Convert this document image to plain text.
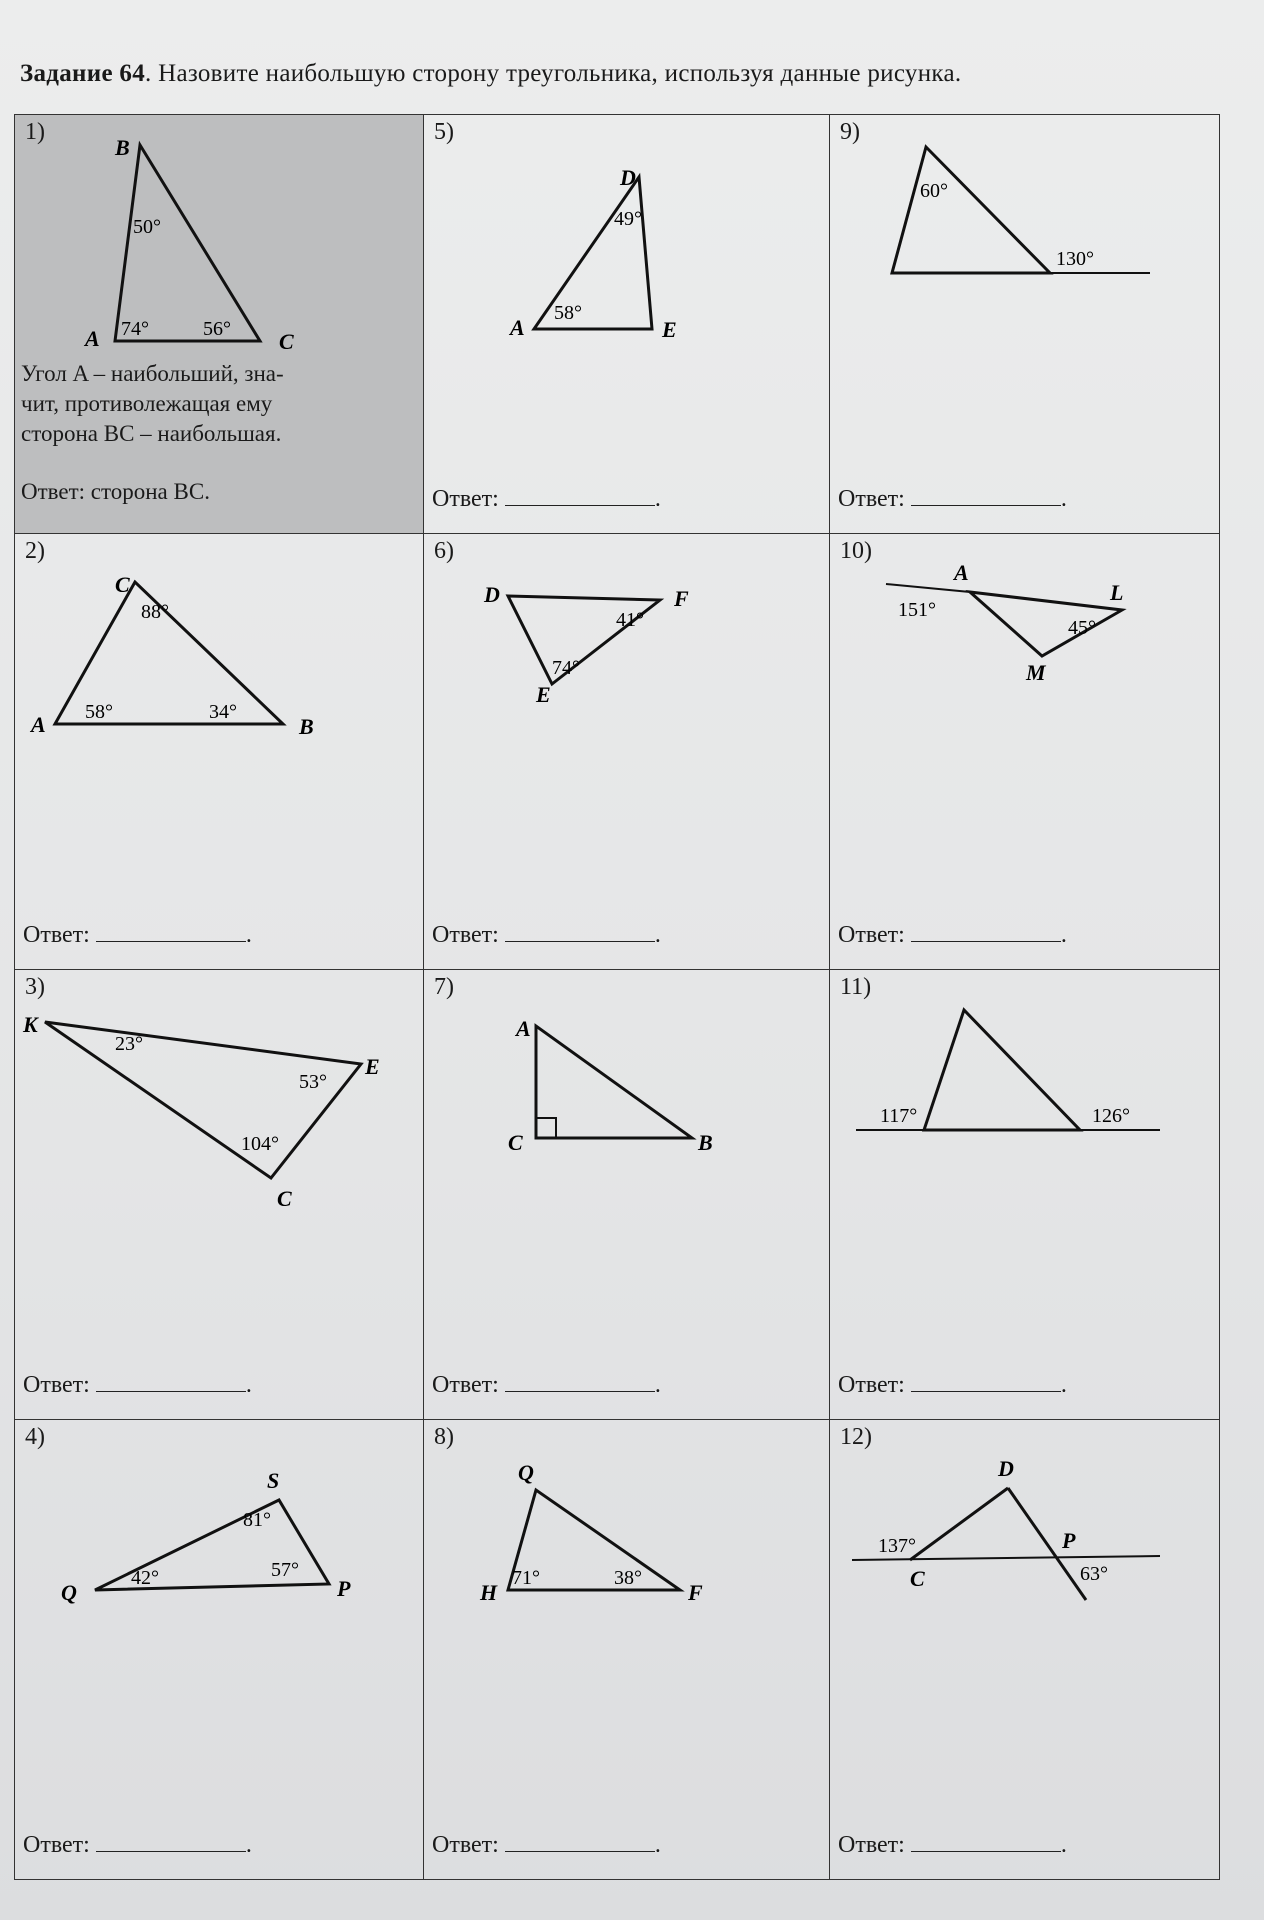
Задание 64. Назовите наибольшую сторону треугольника, используя данные рисунка.
1)
B
A	C
50°
74°	56°

Угол A – наибольший, зна-

чит, противолежащая ему

сторона BC – наибольшая.

Ответ: сторона BC.
5)
D
A	E
49°
58°
Ответ:	.
9)
60°
130°
Ответ:	.
2)
C
A	B
88°
58°	34°
Ответ:	.
6)
D	F
E
41°
74°
Ответ:	.
10)
A
L
M
151°
45°
Ответ:	.
3)
K
E
C
23°
53°
104°
Ответ:	.
7)
A
C	B
Ответ:	.
11)
117°	126°
Ответ:	.
4)
S
Q	P
81°
42°	57°
Ответ:	.
8)
Q
H	F
71°	38°
Ответ:	.
12)
D
C
P
137°
63°
Ответ:	.
